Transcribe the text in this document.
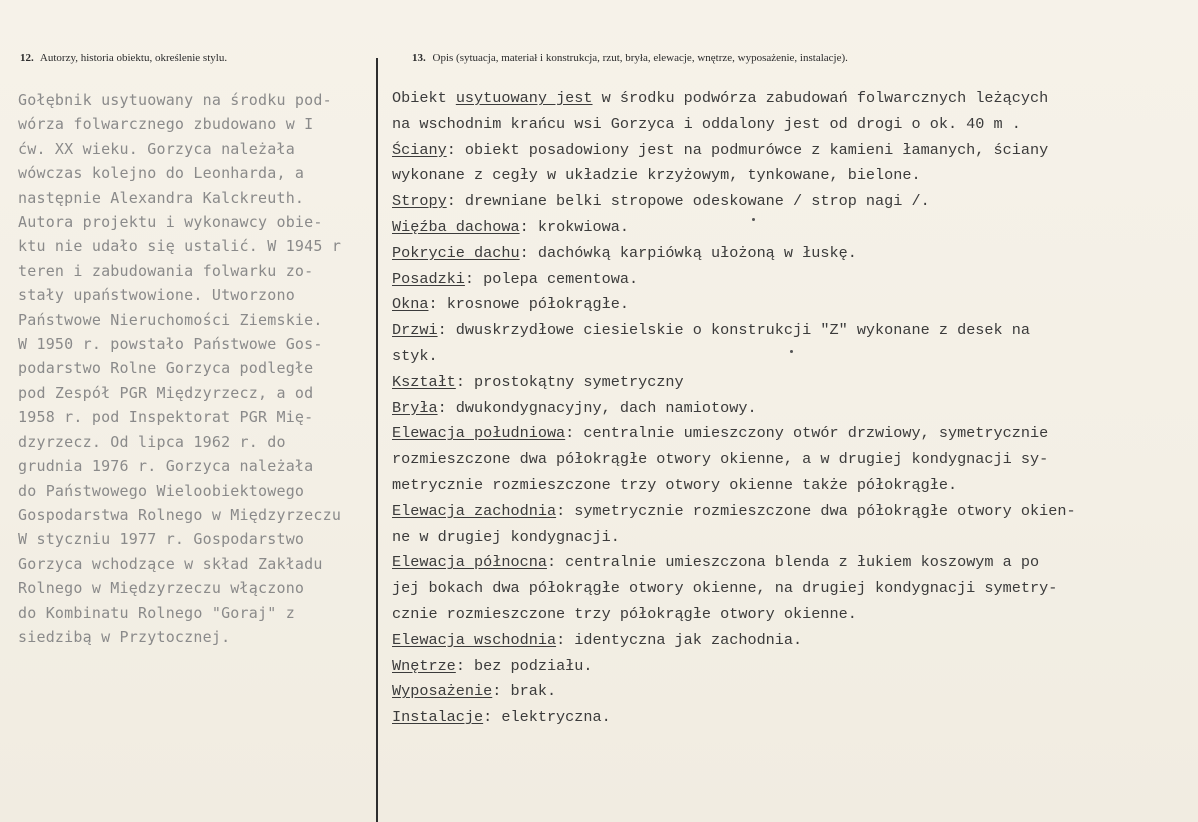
12. Autorzy, historia obiektu, określenie stylu.	13. Opis (sytuacja, materiał i konstrukcja, rzut, bryła, elewacje, wnętrze, wyposażenie, instalacje).
Gołębnik usytuowany na środku pod-
wórza folwarcznego zbudowano w I
ćw. XX wieku. Gorzyca należała
wówczas kolejno do Leonharda, a
następnie Alexandra Kalckreuth.
Autora projektu i wykonawcy obie-
ktu nie udało się ustalić. W 1945 r
teren i zabudowania folwarku zo-
stały upaństwowione. Utworzono
Państwowe Nieruchomości Ziemskie.
W 1950 r. powstało Państwowe Gos-
podarstwo Rolne Gorzyca podległe
pod Zespół PGR Międzyrzecz, a od
1958 r. pod Inspektorat PGR Mię-
dzyrzecz. Od lipca 1962 r. do
grudnia 1976 r. Gorzyca należała
do Państwowego Wieloobiektowego
Gospodarstwa Rolnego w Międzyrzeczu
W styczniu 1977 r. Gospodarstwo
Gorzyca wchodzące w skład Zakładu
Rolnego w Międzyrzeczu włączono
do Kombinatu Rolnego "Goraj" z
siedzibą w Przytocznej.
Obiekt usytuowany jest w środku podwórza zabudowań folwarcznych leżących
na wschodnim krańcu wsi Gorzyca i oddalony jest od drogi o ok. 40 m .
Ściany: obiekt posadowiony jest na podmurówce z kamieni łamanych, ściany
wykonane z cegły w układzie krzyżowym, tynkowane, bielone.
Stropy: drewniane belki stropowe odeskowane / strop nagi /.
Więźba dachowa: krokwiowa.
Pokrycie dachu: dachówką karpiówką ułożoną w łuskę.
Posadzki: polepa cementowa.
Okna: krosnowe półokrągłe.
Drzwi: dwuskrzydłowe ciesielskie o konstrukcji "Z" wykonane z desek na
styk.
Kształt: prostokątny symetryczny
Bryła: dwukondygnacyjny, dach namiotowy.
Elewacja południowa: centralnie umieszczony otwór drzwiowy, symetrycznie
rozmieszczone dwa półokrągłe otwory okienne, a w drugiej kondygnacji sy-
metrycznie rozmieszczone trzy otwory okienne także półokrągłe.
Elewacja zachodnia: symetrycznie rozmieszczone dwa półokrągłe otwory okien-
ne w drugiej kondygnacji.
Elewacja północna: centralnie umieszczona blenda z łukiem koszowym a po
jej bokach dwa półokrągłe otwory okienne, na drugiej kondygnacji symetry-
cznie rozmieszczone trzy półokrągłe otwory okienne.
Elewacja wschodnia: identyczna jak zachodnia.
Wnętrze: bez podziału.
Wyposażenie: brak.
Instalacje: elektryczna.
